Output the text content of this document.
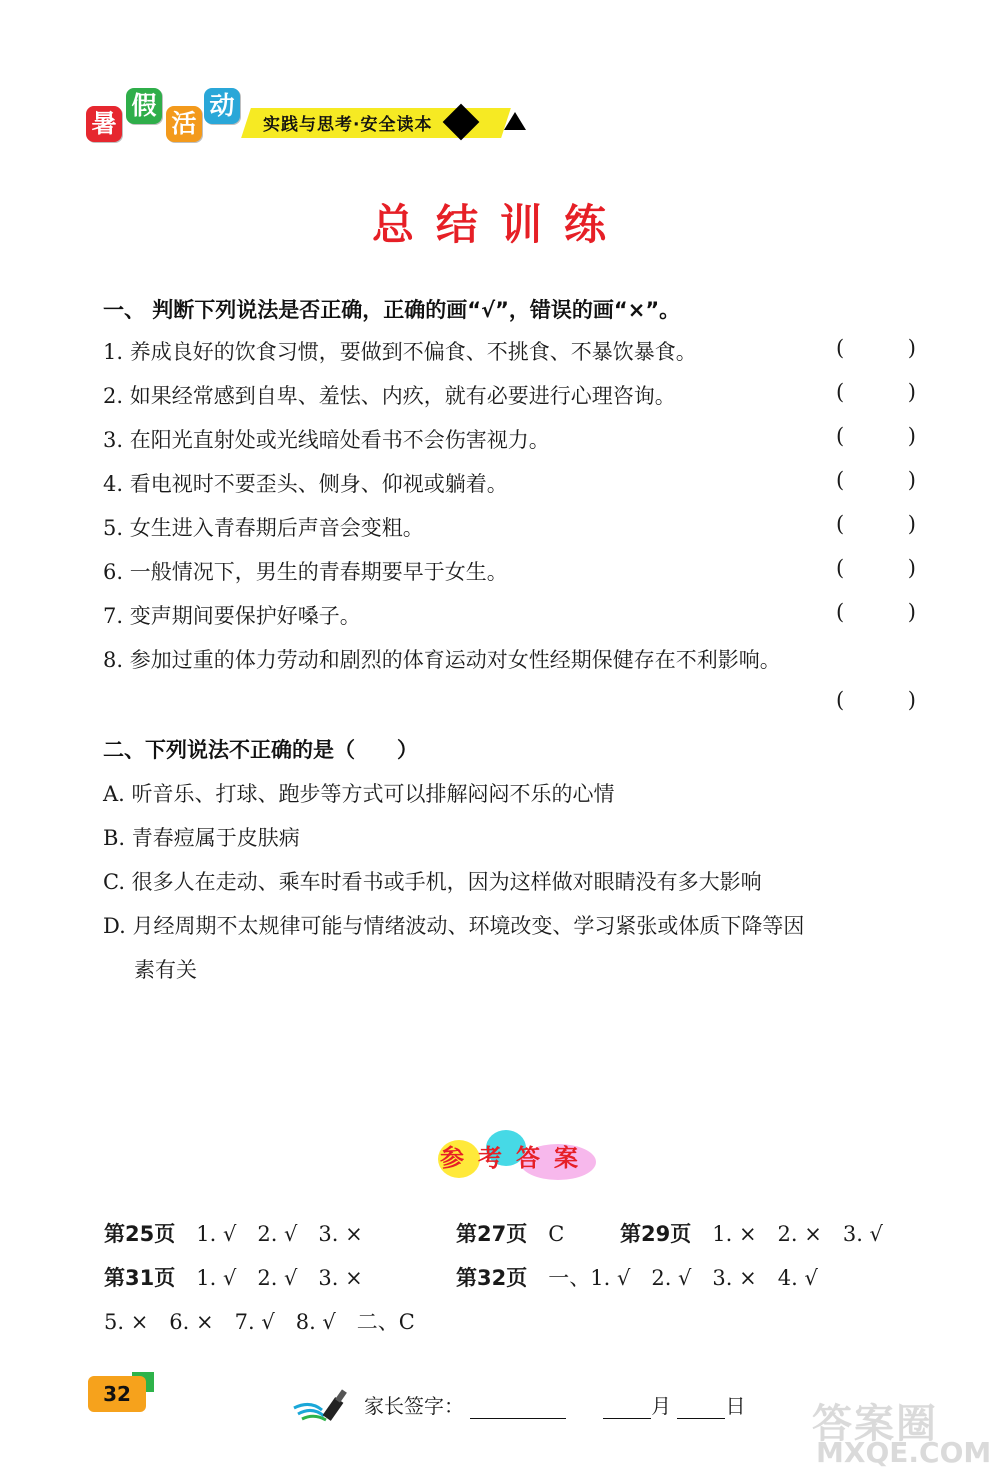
暑
假
活
动
实践与思考·安全读本
总结训练
一、 判断下列说法是否正确，正确的画“√”，错误的画“×”。
1. 养成良好的饮食习惯，要做到不偏食、不挑食、不暴饮暴食。	(	)
2. 如果经常感到自卑、羞怯、内疚，就有必要进行心理咨询。	(	)
3. 在阳光直射处或光线暗处看书不会伤害视力。	(	)
4. 看电视时不要歪头、侧身、仰视或躺着。	(	)
5. 女生进入青春期后声音会变粗。	(	)
6. 一般情况下，男生的青春期要早于女生。	(	)
7. 变声期间要保护好嗓子。	(	)
8. 参加过重的体力劳动和剧烈的体育运动对女性经期保健存在不利影响。
(	)
二、下列说法不正确的是（　　）
A. 听音乐、打球、跑步等方式可以排解闷闷不乐的心情
B. 青春痘属于皮肤病
C. 很多人在走动、乘车时看书或手机，因为这样做对眼睛没有多大影响
D. 月经周期不太规律可能与情绪波动、环境改变、学习紧张或体质下降等因
素有关
参考答案
第25页　 1. √　2. √　3. ×	第27页　 C	第29页　 1. ×　2. ×　3. √
第31页　 1. √　2. √　3. ×	第32页　 一、1. √　2. √　3. ×　4. √
5. ×　6. ×　7. √　8. √　二、C
32	家长签字：	月	日 答案圈
MXQE.COM
